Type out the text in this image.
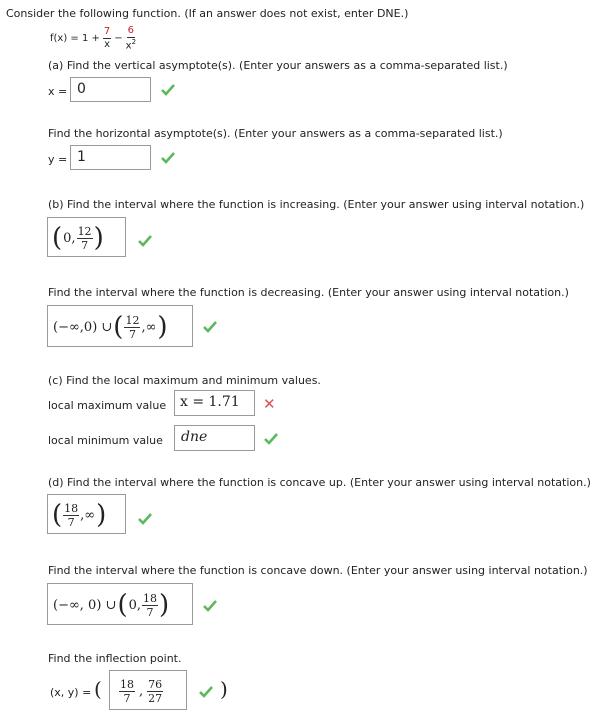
Consider the following function. (If an answer does not exist, enter DNE.)
$f(x) = 1 + \frac{7}{x} - \frac{6}{x^2}$
(a) Find the vertical asymptote(s). (Enter your answers as a comma-separated list.)
x = 0
Find the horizontal asymptote(s). (Enter your answers as a comma-separated list.)
y = 1
(b) Find the interval where the function is increasing. (Enter your answer using interval notation.)
( 0, $\frac{12}{7}$ )
Find the interval where the function is decreasing. (Enter your answer using interval notation.)
(−∞,0) ∪ ( $\frac{12}{7}$ ,∞ )
(c) Find the local maximum and minimum values.
local maximum value x = 1.71 ✕
local minimum value dne
(d) Find the interval where the function is concave up. (Enter your answer using interval notation.)
( $\frac{18}{7}$ ,∞ )
Find the interval where the function is concave down. (Enter your answer using interval notation.)
(−∞, 0) ∪ ( 0, $\frac{18}{7}$ )
Find the inflection point.
(x, y) = ( $\frac{18}{7}$ , $\frac{76}{27}$	)
